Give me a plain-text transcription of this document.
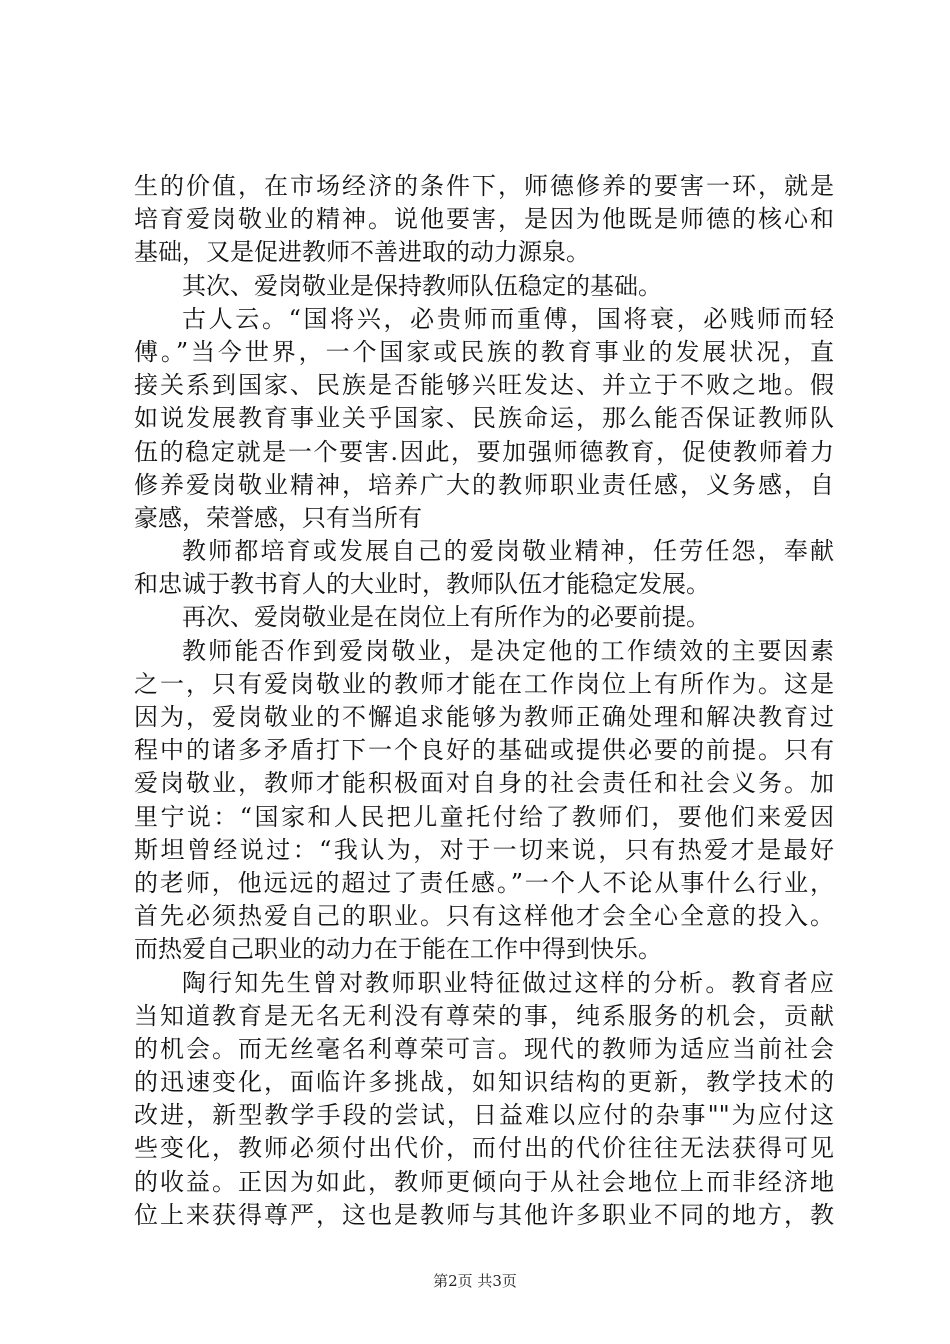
生的价值，在市场经济的条件下，师德修养的要害一环，就是
培育爱岗敬业的精神。说他要害，是因为他既是师德的核心和
基础，又是促进教师不善进取的动力源泉。
其次、爱岗敬业是保持教师队伍稳定的基础。
古人云。“国将兴，必贵师而重傅，国将衰，必贱师而轻
傅。”当今世界，一个国家或民族的教育事业的发展状况，直
接关系到国家、民族是否能够兴旺发达、并立于不败之地。假
如说发展教育事业关乎国家、民族命运，那么能否保证教师队
伍的稳定就是一个要害.因此，要加强师德教育，促使教师着力
修养爱岗敬业精神，培养广大的教师职业责任感，义务感，自
豪感，荣誉感，只有当所有
教师都培育或发展自己的爱岗敬业精神，任劳任怨，奉献
和忠诚于教书育人的大业时，教师队伍才能稳定发展。
再次、爱岗敬业是在岗位上有所作为的必要前提。
教师能否作到爱岗敬业，是决定他的工作绩效的主要因素
之一，只有爱岗敬业的教师才能在工作岗位上有所作为。这是
因为，爱岗敬业的不懈追求能够为教师正确处理和解决教育过
程中的诸多矛盾打下一个良好的基础或提供必要的前提。只有
爱岗敬业，教师才能积极面对自身的社会责任和社会义务。加
里宁说：“国家和人民把儿童托付给了教师们，要他们来爱因
斯坦曾经说过：“我认为，对于一切来说，只有热爱才是最好
的老师，他远远的超过了责任感。”一个人不论从事什么行业，
首先必须热爱自己的职业。只有这样他才会全心全意的投入。
而热爱自己职业的动力在于能在工作中得到快乐。
陶行知先生曾对教师职业特征做过这样的分析。教育者应
当知道教育是无名无利没有尊荣的事，纯系服务的机会，贡献
的机会。而无丝毫名利尊荣可言。现代的教师为适应当前社会
的迅速变化，面临许多挑战，如知识结构的更新，教学技术的
改进，新型教学手段的尝试，日益难以应付的杂事""为应付这
些变化，教师必须付出代价，而付出的代价往往无法获得可见
的收益。正因为如此，教师更倾向于从社会地位上而非经济地
位上来获得尊严，这也是教师与其他许多职业不同的地方，教
第2页 共3页
